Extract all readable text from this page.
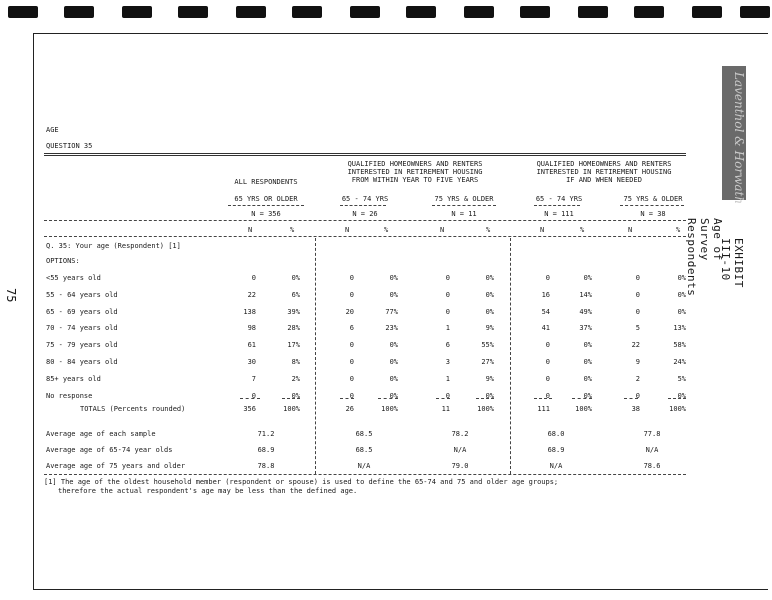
75
Laventhol & Horwath
EXHIBIT III-10
Age of Survey Respondents
AGE
QUESTION 35
ALL RESPONDENTS
QUALIFIED HOMEOWNERS AND RENTERS
INTERESTED IN RETIREMENT HOUSING
FROM WITHIN YEAR TO FIVE YEARS
QUALIFIED HOMEOWNERS AND RENTERS
INTERESTED IN RETIREMENT HOUSING
IF AND WHEN NEEDED
65 YRS OR OLDER	65 - 74 YRS	75 YRS & OLDER	65 - 74 YRS	75 YRS & OLDER
N = 356	N = 26	N = 11	N = 111	N = 38
N	%	N	%	N	%	N	%	N	%
Q. 35: Your age (Respondent) [1]
OPTIONS:
<55 years old	0	0%	0	0%	0	0%	0	0%	0	0%
55 - 64 years old	22	6%	0	0%	0	0%	16	14%	0	0%
65 - 69 years old	138	39%	20	77%	0	0%	54	49%	0	0%
70 - 74 years old	98	28%	6	23%	1	9%	41	37%	5	13%
75 - 79 years old	61	17%	0	0%	6	55%	0	0%	22	58%
80 - 84 years old	30	8%	0	0%	3	27%	0	0%	9	24%
85+ years old	7	2%	0	0%	1	9%	0	0%	2	5%
No response	0	0%	0	0%	0	0%	0	0%	0	0%
TOTALS (Percents rounded)	356	100%	26	100%	11	100%	111	100%	38	100%
Average age of each sample	71.2	68.5	78.2	68.0	77.8
Average age of 65-74 year olds	68.9	68.5	N/A	68.9	N/A
Average age of 75 years and older	78.8	N/A	79.0	N/A	78.6
[1] The age of the oldest household member (respondent or spouse) is used to define the 65-74 and 75 and older age groups;
therefore the actual respondent's age may be less than the defined age.
